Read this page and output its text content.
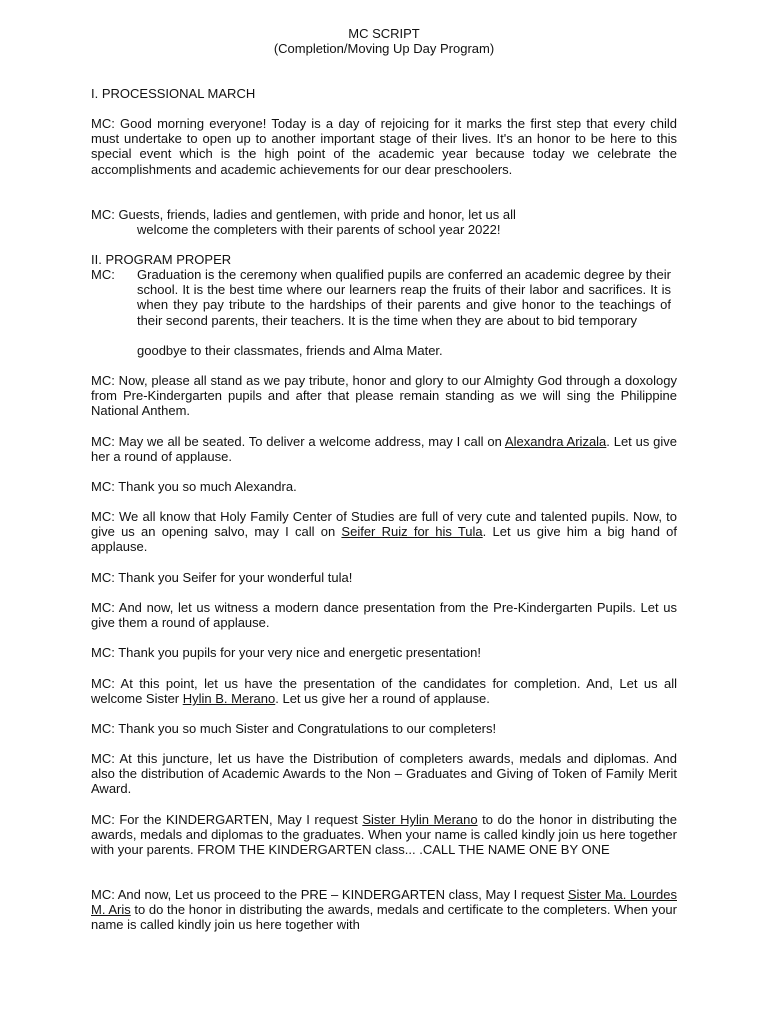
MC SCRIPT
(Completion/Moving Up Day Program)
I. PROCESSIONAL MARCH
MC: Good morning everyone! Today is a day of rejoicing for it marks the first step that every child must undertake to open up to another important stage of their lives. It's an honor to be here to this special event which is the high point of the academic year because today we celebrate the accomplishments and academic achievements for our dear preschoolers.
MC: Guests, friends, ladies and gentlemen, with pride and honor, let us all
welcome the completers with their parents of school year 2022!
II. PROGRAM PROPER
MC: Graduation is the ceremony when qualified pupils are conferred an academic degree by their school. It is the best time where our learners reap the fruits of their labor and sacrifices. It is when they pay tribute to the hardships of their parents and give honor to the teachings of their second parents, their teachers. It is the time when they are about to bid temporary
goodbye to their classmates, friends and Alma Mater.
MC: Now, please all stand as we pay tribute, honor and glory to our Almighty God through a doxology from Pre-Kindergarten pupils and after that please remain standing as we will sing the Philippine National Anthem.
MC: May we all be seated. To deliver a welcome address, may I call on Alexandra Arizala. Let us give her a round of applause.
MC: Thank you so much Alexandra.
MC: We all know that Holy Family Center of Studies are full of very cute and talented pupils. Now, to give us an opening salvo, may I call on Seifer Ruiz for his Tula. Let us give him a big hand of applause.
MC: Thank you Seifer for your wonderful tula!
MC: And now, let us witness a modern dance presentation from the Pre-Kindergarten Pupils. Let us give them a round of applause.
MC: Thank you pupils for your very nice and energetic presentation!
MC: At this point, let us have the presentation of the candidates for completion. And, Let us all welcome Sister Hylin B. Merano. Let us give her a round of applause.
MC: Thank you so much Sister and Congratulations to our completers!
MC: At this juncture, let us have the Distribution of completers awards, medals and diplomas. And also the distribution of Academic Awards to the Non – Graduates and Giving of Token of Family Merit Award.
MC: For the KINDERGARTEN, May I request Sister Hylin Merano to do the honor in distributing the awards, medals and diplomas to the graduates. When your name is called kindly join us here together with your parents. FROM THE KINDERGARTEN class... .CALL THE NAME ONE BY ONE
MC: And now, Let us proceed to the PRE – KINDERGARTEN class, May I request Sister Ma. Lourdes M. Aris to do the honor in distributing the awards, medals and certificate to the completers. When your name is called kindly join us here together with
